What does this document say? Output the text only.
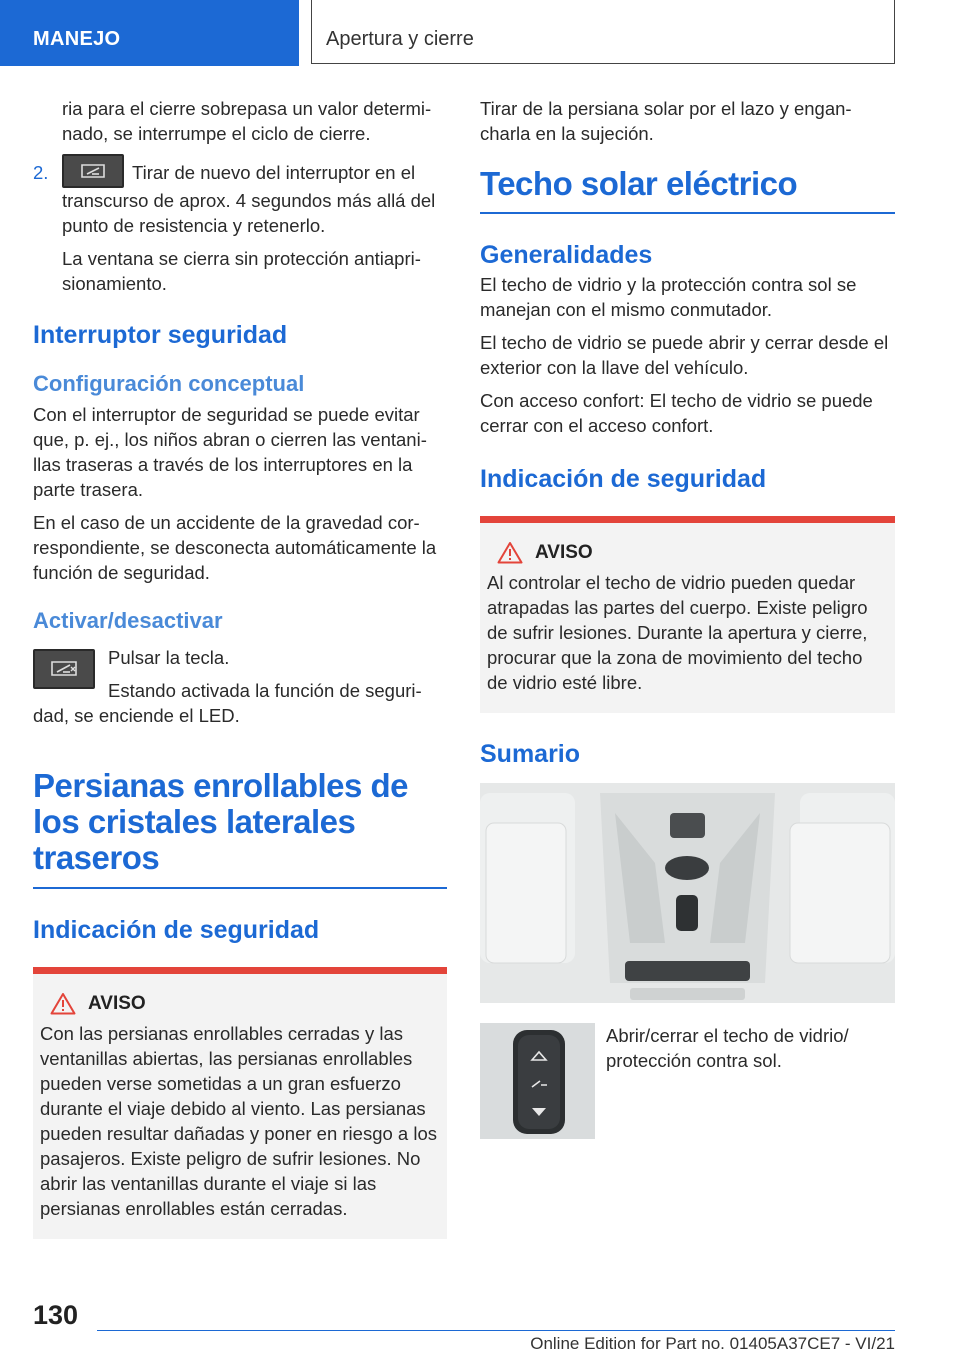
MANEJO	Apertura y cierre

ria para el cierre sobrepasa un valor determi-nado, se interrumpe el ciclo de cierre.

2.	Tirar de nuevo del interruptor en el transcurso de aprox. 4 segundos más allá del punto de resistencia y retenerlo.

La ventana se cierra sin protección antiapri-sionamiento.

Interruptor seguridad
Configuración conceptual

Con el interruptor de seguridad se puede evitar que, p. ej., los niños abran o cierren las ventani-llas traseras a través de los interruptores en la parte trasera.

En el caso de un accidente de la gravedad cor-respondiente, se desconecta automáticamente la función de seguridad.

Activar/desactivar

Pulsar la tecla.

Estando activada la función de seguri-dad, se enciende el LED.

Persianas enrollables de los cristales laterales traseros
Indicación de seguridad
AVISO

Con las persianas enrollables cerradas y las ventanillas abiertas, las persianas enrollables pueden verse sometidas a un gran esfuerzo durante el viaje debido al viento. Las persianas pueden resultar dañadas y poner en riesgo a los pasajeros. Existe peligro de sufrir lesiones. No abrir las ventanillas durante el viaje si las persianas enrollables están cerradas.

Tirar de la persiana solar por el lazo y engan-charla en la sujeción.

Techo solar eléctrico
Generalidades

El techo de vidrio y la protección contra sol se manejan con el mismo conmutador.

El techo de vidrio se puede abrir y cerrar desde el exterior con la llave del vehículo.

Con acceso confort: El techo de vidrio se puede cerrar con el acceso confort.

Indicación de seguridad
AVISO

Al controlar el techo de vidrio pueden quedar atrapadas las partes del cuerpo. Existe peligro de sufrir lesiones. Durante la apertura y cierre, procurar que la zona de movimiento del techo de vidrio esté libre.

Sumario

Abrir/cerrar el techo de vidrio/ protección contra sol.

130
Online Edition for Part no. 01405A37CE7 - VI/21
